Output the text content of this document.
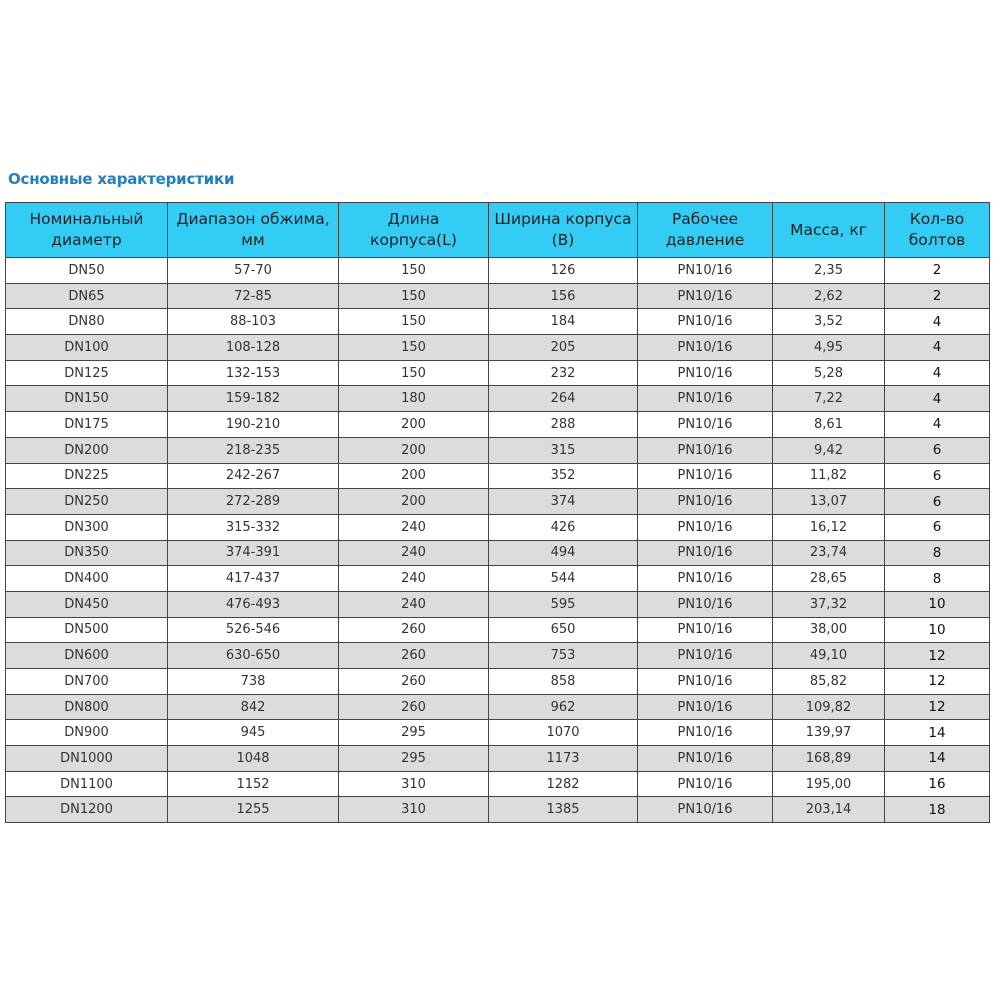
Основные характеристики
Номинальный диаметр	Диапазон обжима, мм	Длина корпуса(L)	Ширина корпуса (B)	Рабочее давление	Масса, кг	Кол-во болтов
DN50	57-70	150	126	PN10/16	2,35	2
DN65	72-85	150	156	PN10/16	2,62	2
DN80	88-103	150	184	PN10/16	3,52	4
DN100	108-128	150	205	PN10/16	4,95	4
DN125	132-153	150	232	PN10/16	5,28	4
DN150	159-182	180	264	PN10/16	7,22	4
DN175	190-210	200	288	PN10/16	8,61	4
DN200	218-235	200	315	PN10/16	9,42	6
DN225	242-267	200	352	PN10/16	11,82	6
DN250	272-289	200	374	PN10/16	13,07	6
DN300	315-332	240	426	PN10/16	16,12	6
DN350	374-391	240	494	PN10/16	23,74	8
DN400	417-437	240	544	PN10/16	28,65	8
DN450	476-493	240	595	PN10/16	37,32	10
DN500	526-546	260	650	PN10/16	38,00	10
DN600	630-650	260	753	PN10/16	49,10	12
DN700	738	260	858	PN10/16	85,82	12
DN800	842	260	962	PN10/16	109,82	12
DN900	945	295	1070	PN10/16	139,97	14
DN1000	1048	295	1173	PN10/16	168,89	14
DN1100	1152	310	1282	PN10/16	195,00	16
DN1200	1255	310	1385	PN10/16	203,14	18
